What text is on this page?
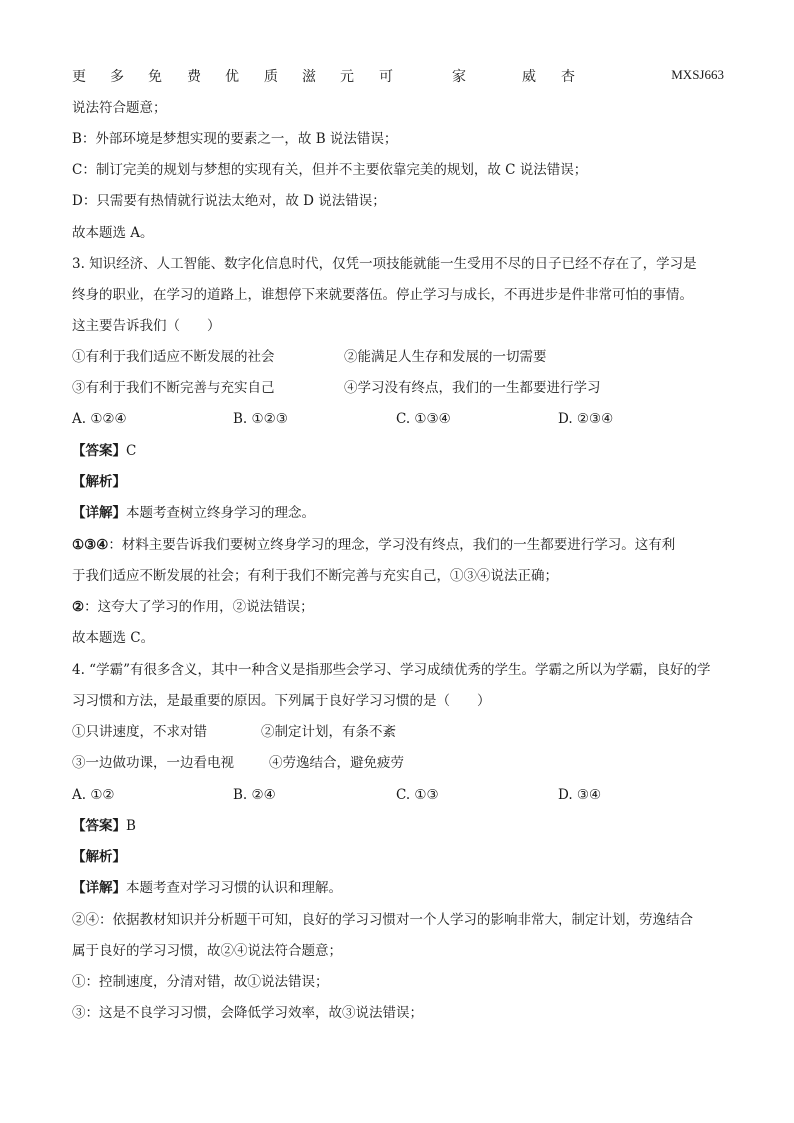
更 多 免 费 优 质 滋 元 可	家	威 杏	MXSJ663
说法符合题意；
B：外部环境是梦想实现的要素之一，故 B 说法错误；
C：制订完美的规划与梦想的实现有关，但并不主要依靠完美的规划，故 C 说法错误；
D：只需要有热情就行说法太绝对，故 D 说法错误；
故本题选 A。
3. 知识经济、人工智能、数字化信息时代，仅凭一项技能就能一生受用不尽的日子已经不存在了，学习是
终身的职业，在学习的道路上，谁想停下来就要落伍。停止学习与成长，不再进步是件非常可怕的事情。
这主要告诉我们（　　）
①有利于我们适应不断发展的社会	②能满足人生存和发展的一切需要
③有利于我们不断完善与充实自己	④学习没有终点，我们的一生都要进行学习
A. ①②④	B. ①②③	C. ①③④	D. ②③④
【答案】C
【解析】
【详解】本题考查树立终身学习的理念。
①③④：材料主要告诉我们要树立终身学习的理念，学习没有终点，我们的一生都要进行学习。这有利
于我们适应不断发展的社会；有利于我们不断完善与充实自己，①③④说法正确；
②：这夸大了学习的作用，②说法错误；
故本题选 C。
4. “学霸”有很多含义，其中一种含义是指那些会学习、学习成绩优秀的学生。学霸之所以为学霸，良好的学
习习惯和方法，是最重要的原因。下列属于良好学习习惯的是（　　）
①只讲速度，不求对错	②制定计划，有条不紊
③一边做功课，一边看电视	④劳逸结合，避免疲劳
A. ①②	B. ②④	C. ①③	D. ③④
【答案】B
【解析】
【详解】本题考查对学习习惯的认识和理解。
②④：依据教材知识并分析题干可知，良好的学习习惯对一个人学习的影响非常大，制定计划，劳逸结合
属于良好的学习习惯，故②④说法符合题意；
①：控制速度，分清对错，故①说法错误；
③：这是不良学习习惯，会降低学习效率，故③说法错误；
